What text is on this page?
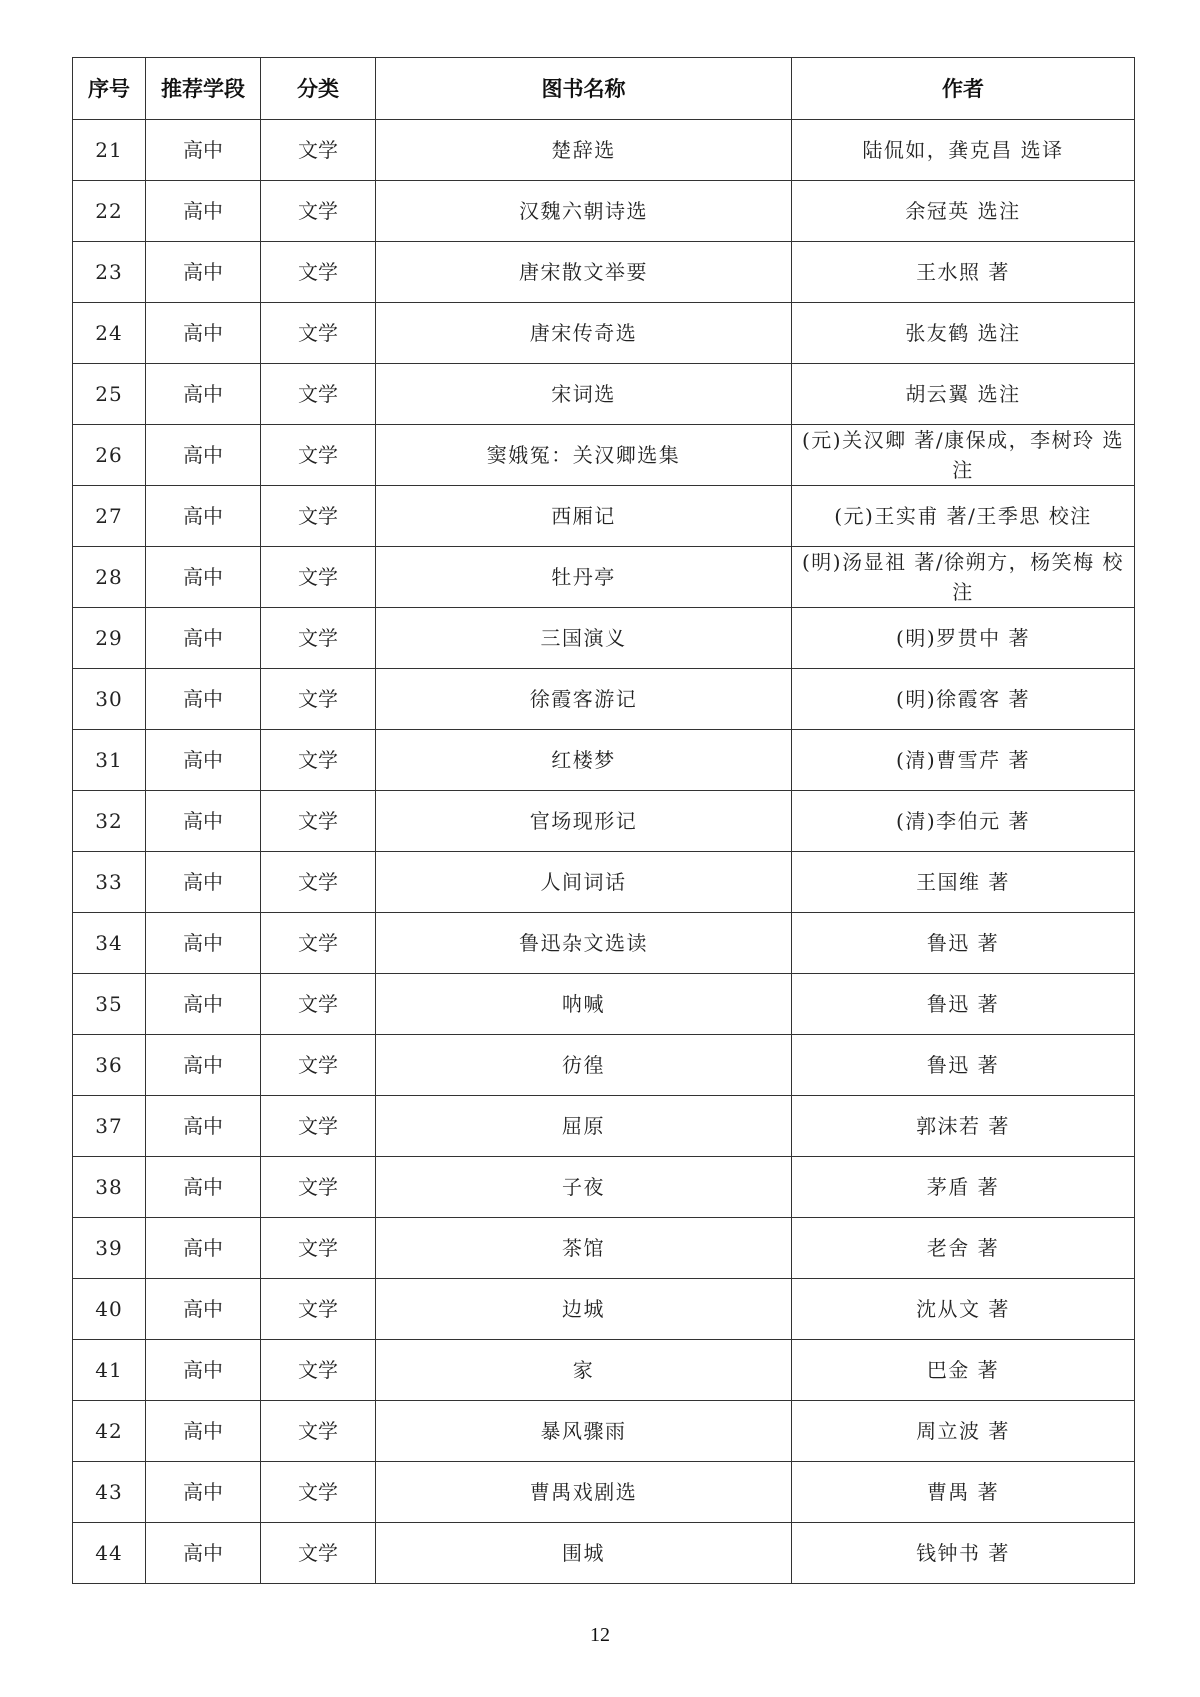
序号	推荐学段	分类	图书名称	作者
21	高中	文学	楚辞选	陆侃如，龚克昌 选译
22	高中	文学	汉魏六朝诗选	余冠英 选注
23	高中	文学	唐宋散文举要	王水照 著
24	高中	文学	唐宋传奇选	张友鹤 选注
25	高中	文学	宋词选	胡云翼 选注
26	高中	文学	窦娥冤：关汉卿选集	(元)关汉卿 著/康保成，李树玲 选注
27	高中	文学	西厢记	(元)王实甫 著/王季思 校注
28	高中	文学	牡丹亭	(明)汤显祖 著/徐朔方，杨笑梅 校注
29	高中	文学	三国演义	(明)罗贯中 著
30	高中	文学	徐霞客游记	(明)徐霞客 著
31	高中	文学	红楼梦	(清)曹雪芹 著
32	高中	文学	官场现形记	(清)李伯元 著
33	高中	文学	人间词话	王国维 著
34	高中	文学	鲁迅杂文选读	鲁迅 著
35	高中	文学	呐喊	鲁迅 著
36	高中	文学	彷徨	鲁迅 著
37	高中	文学	屈原	郭沫若 著
38	高中	文学	子夜	茅盾 著
39	高中	文学	茶馆	老舍 著
40	高中	文学	边城	沈从文 著
41	高中	文学	家	巴金 著
42	高中	文学	暴风骤雨	周立波 著
43	高中	文学	曹禺戏剧选	曹禺 著
44	高中	文学	围城	钱钟书 著
12
